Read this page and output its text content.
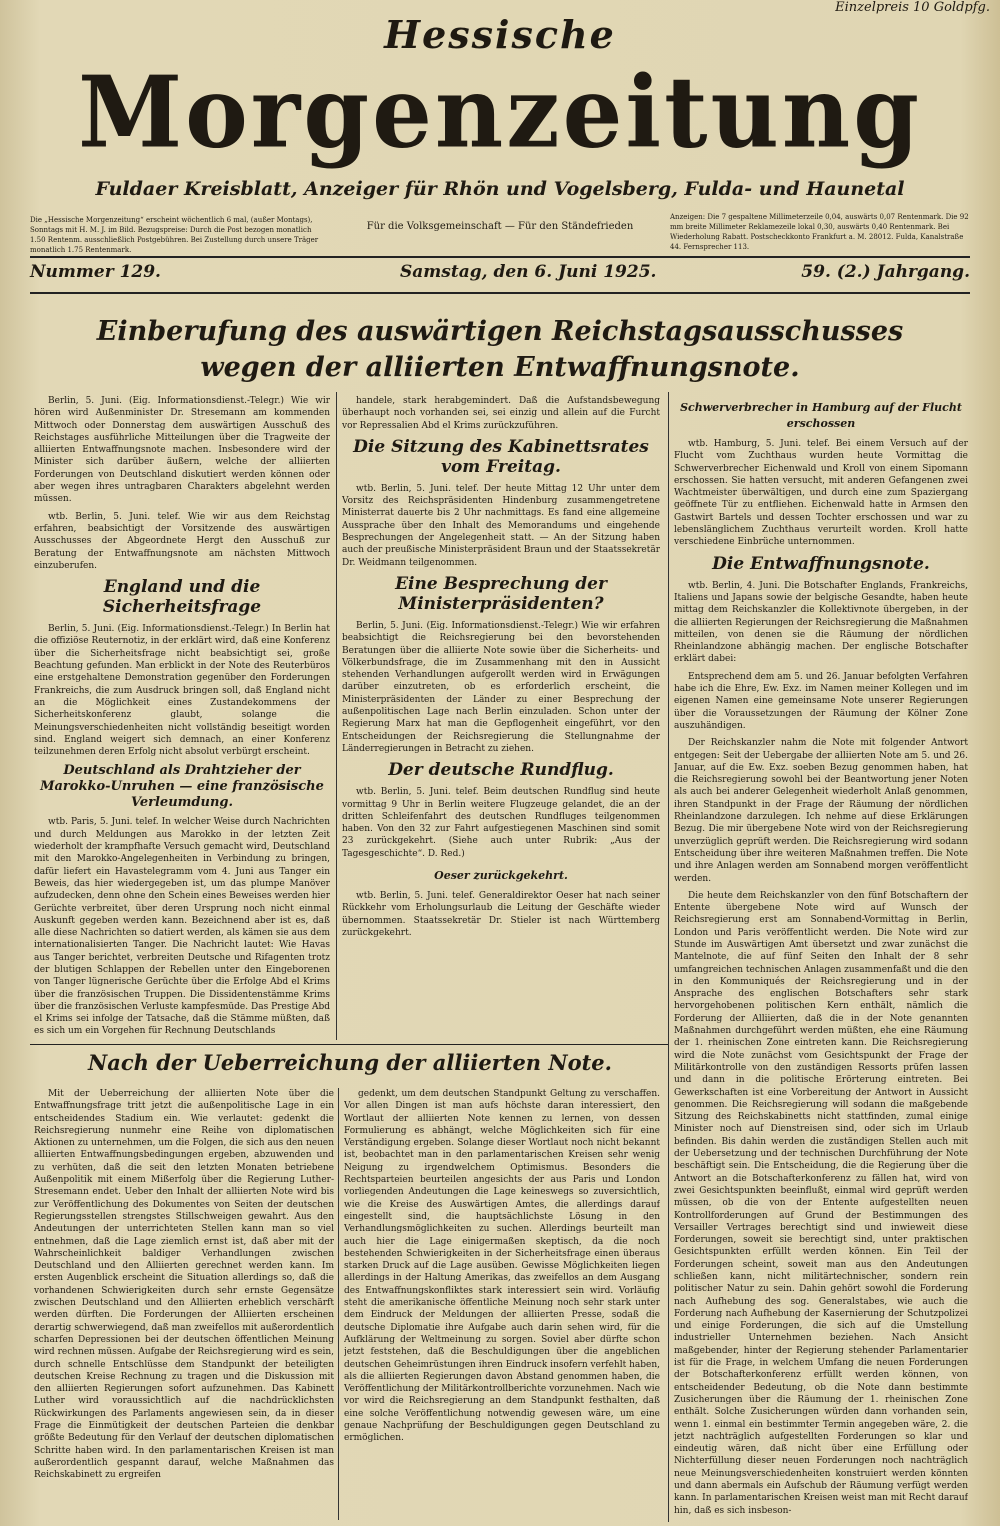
Einzelpreis 10 Goldpfg.
Hessische
Morgenzeitung
Fuldaer Kreisblatt, Anzeiger für Rhön und Vogelsberg, Fulda- und Haunetal
Die „Hessische Morgenzeitung“ erscheint wöchentlich 6 mal, (außer Montags), Sonntags mit H. M. J. im Bild. Bezugspreise: Durch die Post bezogen monatlich 1.50 Rentenm. ausschließlich Postgebühren. Bei Zustellung durch unsere Träger monatlich 1.75 Rentenmark.
Für die Volksgemeinschaft — Für den Ständefrieden
Anzeigen: Die 7 gespaltene Millimeterzeile 0,04, auswärts 0,07 Rentenmark. Die 92 mm breite Millimeter Reklamezeile lokal 0,30, auswärts 0,40 Rentenmark. Bei Wiederholung Rabatt. Postscheckkonto Frankfurt a. M. 28012. Fulda, Kanalstraße 44. Fernsprecher 113.
Nummer 129.	Samstag, den 6. Juni 1925.	59. (2.) Jahrgang.
Einberufung des auswärtigen Reichstagsausschusses wegen der alliierten Entwaffnungsnote.

Berlin, 5. Juni. (Eig. Informationsdienst.-Telegr.) Wie wir hören wird Außenminister Dr. Stresemann am kommenden Mittwoch oder Donnerstag dem auswärtigen Ausschuß des Reichstages ausführliche Mitteilungen über die Tragweite der alliierten Entwaffnungsnote machen. Insbesondere wird der Minister sich darüber äußern, welche der alliierten Forderungen von Deutschland diskutiert werden können oder aber wegen ihres untragbaren Charakters abgelehnt werden müssen.

wtb. Berlin, 5. Juni. telef. Wie wir aus dem Reichstag erfahren, beabsichtigt der Vorsitzende des auswärtigen Ausschusses der Abgeordnete Hergt den Ausschuß zur Beratung der Entwaffnungsnote am nächsten Mittwoch einzuberufen.

England und die Sicherheitsfrage

Berlin, 5. Juni. (Eig. Informationsdienst.-Telegr.) In Berlin hat die offiziöse Reuternotiz, in der erklärt wird, daß eine Konferenz über die Sicherheitsfrage nicht beabsichtigt sei, große Beachtung gefunden. Man erblickt in der Note des Reuterbüros eine erstgehaltene Demonstration gegenüber den Forderungen Frankreichs, die zum Ausdruck bringen soll, daß England nicht an die Möglichkeit eines Zustandekommens der Sicherheitskonferenz glaubt, solange die Meinungsverschiedenheiten nicht vollständig beseitigt worden sind. England weigert sich demnach, an einer Konferenz teilzunehmen deren Erfolg nicht absolut verbürgt erscheint.

Deutschland als Drahtzieher der Marokko-Unruhen — eine französische Verleumdung.

wtb. Paris, 5. Juni. telef. In welcher Weise durch Nachrichten und durch Meldungen aus Marokko in der letzten Zeit wiederholt der krampfhafte Versuch gemacht wird, Deutschland mit den Marokko-Angelegenheiten in Verbindung zu bringen, dafür liefert ein Havastelegramm vom 4. Juni aus Tanger ein Beweis, das hier wiedergegeben ist, um das plumpe Manöver aufzudecken, denn ohne den Schein eines Beweises werden hier Gerüchte verbreitet, über deren Ursprung noch nicht einmal Auskunft gegeben werden kann. Bezeichnend aber ist es, daß alle diese Nachrichten so datiert werden, als kämen sie aus dem internationalisierten Tanger. Die Nachricht lautet: Wie Havas aus Tanger berichtet, verbreiten Deutsche und Rifagenten trotz der blutigen Schlappen der Rebellen unter den Eingeborenen von Tanger lügnerische Gerüchte über die Erfolge Abd el Krims über die französischen Truppen. Die Dissidentenstämme Krims über die französischen Verluste kampfesmüde. Das Prestige Abd el Krims sei infolge der Tatsache, daß die Stämme müßten, daß es sich um ein Vorgehen für Rechnung Deutschlands

handele, stark herabgemindert. Daß die Aufstandsbewegung überhaupt noch vorhanden sei, sei einzig und allein auf die Furcht vor Repressalien Abd el Krims zurückzuführen.

Die Sitzung des Kabinettsrates vom Freitag.

wtb. Berlin, 5. Juni. telef. Der heute Mittag 12 Uhr unter dem Vorsitz des Reichspräsidenten Hindenburg zusammengetretene Ministerrat dauerte bis 2 Uhr nachmittags. Es fand eine allgemeine Aussprache über den Inhalt des Memorandums und eingehende Besprechungen der Angelegenheit statt. — An der Sitzung haben auch der preußische Ministerpräsident Braun und der Staatssekretär Dr. Weidmann teilgenommen.

Eine Besprechung der Ministerpräsidenten?

Berlin, 5. Juni. (Eig. Informationsdienst.-Telegr.) Wie wir erfahren beabsichtigt die Reichsregierung bei den bevorstehenden Beratungen über die alliierte Note sowie über die Sicherheits- und Völkerbundsfrage, die im Zusammenhang mit den in Aussicht stehenden Verhandlungen aufgerollt werden wird in Erwägungen darüber einzutreten, ob es erforderlich erscheint, die Ministerpräsidenten der Länder zu einer Besprechung der außenpolitischen Lage nach Berlin einzuladen. Schon unter der Regierung Marx hat man die Gepflogenheit eingeführt, vor den Entscheidungen der Reichsregierung die Stellungnahme der Länderregierungen in Betracht zu ziehen.

Der deutsche Rundflug.

wtb. Berlin, 5. Juni. telef. Beim deutschen Rundflug sind heute vormittag 9 Uhr in Berlin weitere Flugzeuge gelandet, die an der dritten Schleifenfahrt des deutschen Rundfluges teilgenommen haben. Von den 32 zur Fahrt aufgestiegenen Maschinen sind somit 23 zurückgekehrt. (Siehe auch unter Rubrik: „Aus der Tagesgeschichte“. D. Red.)

Oeser zurückgekehrt.

wtb. Berlin, 5. Juni. telef. Generaldirektor Oeser hat nach seiner Rückkehr vom Erholungsurlaub die Leitung der Geschäfte wieder übernommen. Staatssekretär Dr. Stieler ist nach Württemberg zurückgekehrt.

Schwerverbrecher in Hamburg auf der Flucht erschossen

wtb. Hamburg, 5. Juni. telef. Bei einem Versuch auf der Flucht vom Zuchthaus wurden heute Vormittag die Schwerverbrecher Eichenwald und Kroll von einem Sipomann erschossen. Sie hatten versucht, mit anderen Gefangenen zwei Wachtmeister überwältigen, und durch eine zum Spaziergang geöffnete Tür zu entfliehen. Eichenwald hatte in Armsen den Gastwirt Bartels und dessen Tochter erschossen und war zu lebenslänglichem Zuchthaus verurteilt worden. Kroll hatte verschiedene Einbrüche unternommen.

Die Entwaffnungsnote.

wtb. Berlin, 4. Juni. Die Botschafter Englands, Frankreichs, Italiens und Japans sowie der belgische Gesandte, haben heute mittag dem Reichskanzler die Kollektivnote übergeben, in der die alliierten Regierungen der Reichsregierung die Maßnahmen mitteilen, von denen sie die Räumung der nördlichen Rheinlandzone abhängig machen. Der englische Botschafter erklärt dabei:

Entsprechend dem am 5. und 26. Januar befolgten Verfahren habe ich die Ehre, Ew. Exz. im Namen meiner Kollegen und im eigenen Namen eine gemeinsame Note unserer Regierungen über die Voraussetzungen der Räumung der Kölner Zone auszuhändigen.

Der Reichskanzler nahm die Note mit folgender Antwort entgegen: Seit der Uebergabe der alliierten Note am 5. und 26. Januar, auf die Ew. Exz. soeben Bezug genommen haben, hat die Reichsregierung sowohl bei der Beantwortung jener Noten als auch bei anderer Gelegenheit wiederholt Anlaß genommen, ihren Standpunkt in der Frage der Räumung der nördlichen Rheinlandzone darzulegen. Ich nehme auf diese Erklärungen Bezug. Die mir übergebene Note wird von der Reichsregierung unverzüglich geprüft werden. Die Reichsregierung wird sodann Entscheidung über ihre weiteren Maßnahmen treffen. Die Note und ihre Anlagen werden am Sonnabend morgen veröffentlicht werden.

Die heute dem Reichskanzler von den fünf Botschaftern der Entente übergebene Note wird auf Wunsch der Reichsregierung erst am Sonnabend-Vormittag in Berlin, London und Paris veröffentlicht werden. Die Note wird zur Stunde im Auswärtigen Amt übersetzt und zwar zunächst die Mantelnote, die auf fünf Seiten den Inhalt der 8 sehr umfangreichen technischen Anlagen zusammenfaßt und die den in den Kommuniqués der Reichsregierung und in der Ansprache des englischen Botschafters sehr stark hervorgehobenen politischen Kern enthält, nämlich die Forderung der Alliierten, daß die in der Note genannten Maßnahmen durchgeführt werden müßten, ehe eine Räumung der 1. rheinischen Zone eintreten kann. Die Reichsregierung wird die Note zunächst vom Gesichtspunkt der Frage der Militärkontrolle von den zuständigen Ressorts prüfen lassen und dann in die politische Erörterung eintreten. Bei Gewerkschaften ist eine Vorbereitung der Antwort in Aussicht genommen. Die Reichsregierung will sodann die maßgebende Sitzung des Reichskabinetts nicht stattfinden, zumal einige Minister noch auf Dienstreisen sind, oder sich im Urlaub befinden. Bis dahin werden die zuständigen Stellen auch mit der Uebersetzung und der technischen Durchführung der Note beschäftigt sein. Die Entscheidung, die die Regierung über die Antwort an die Botschafterkonferenz zu fällen hat, wird von zwei Gesichtspunkten beeinflußt, einmal wird geprüft werden müssen, ob die von der Entente aufgestellten neuen Kontrollforderungen auf Grund der Bestimmungen des Versailler Vertrages berechtigt sind und inwieweit diese Forderungen, soweit sie berechtigt sind, unter praktischen Gesichtspunkten erfüllt werden können. Ein Teil der Forderungen scheint, soweit man aus den Andeutungen schließen kann, nicht militärtechnischer, sondern rein politischer Natur zu sein. Dahin gehört sowohl die Forderung nach Aufhebung des sog. Generalstabes, wie auch die Forderung nach Aufhebung der Kasernierung der Schutzpolizei und einige Forderungen, die sich auf die Umstellung industrieller Unternehmen beziehen. Nach Ansicht maßgebender, hinter der Regierung stehender Parlamentarier ist für die Frage, in welchem Umfang die neuen Forderungen der Botschafterkonferenz erfüllt werden können, von entscheidender Bedeutung, ob die Note dann bestimmte Zusicherungen über die Räumung der 1. rheinischen Zone enthält. Solche Zusicherungen würden dann vorhanden sein, wenn 1. einmal ein bestimmter Termin angegeben wäre, 2. die jetzt nachträglich aufgestellten Forderungen so klar und eindeutig wären, daß nicht über eine Erfüllung oder Nichterfüllung dieser neuen Forderungen noch nachträglich neue Meinungsverschiedenheiten konstruiert werden könnten und dann abermals ein Aufschub der Räumung verfügt werden kann. In parlamentarischen Kreisen weist man mit Recht darauf hin, daß es sich insbeson-

Nach der Ueberreichung der alliierten Note.

Mit der Ueberreichung der alliierten Note über die Entwaffnungsfrage tritt jetzt die außenpolitische Lage in ein entscheidendes Stadium ein. Wie verlautet: gedenkt die Reichsregierung nunmehr eine Reihe von diplomatischen Aktionen zu unternehmen, um die Folgen, die sich aus den neuen alliierten Entwaffnungsbedingungen ergeben, abzuwenden und zu verhüten, daß die seit den letzten Monaten betriebene Außenpolitik mit einem Mißerfolg über die Regierung Luther-Stresemann endet. Ueber den Inhalt der alliierten Note wird bis zur Veröffentlichung des Dokumentes von Seiten der deutschen Regierungsstellen strengstes Stillschweigen gewahrt. Aus den Andeutungen der unterrichteten Stellen kann man so viel entnehmen, daß die Lage ziemlich ernst ist, daß aber mit der Wahrscheinlichkeit baldiger Verhandlungen zwischen Deutschland und den Alliierten gerechnet werden kann. Im ersten Augenblick erscheint die Situation allerdings so, daß die vorhandenen Schwierigkeiten durch sehr ernste Gegensätze zwischen Deutschland und den Alliierten erheblich verschärft werden dürften. Die Forderungen der Alliierten erscheinen derartig schwerwiegend, daß man zweifellos mit außerordentlich scharfen Depressionen bei der deutschen öffentlichen Meinung wird rechnen müssen. Aufgabe der Reichsregierung wird es sein, durch schnelle Entschlüsse dem Standpunkt der beteiligten deutschen Kreise Rechnung zu tragen und die Diskussion mit den alliierten Regierungen sofort aufzunehmen. Das Kabinett Luther wird voraussichtlich auf die nachdrücklichsten Rückwirkungen des Parlaments angewiesen sein, da in dieser Frage die Einmütigkeit der deutschen Parteien die denkbar größte Bedeutung für den Verlauf der deutschen diplomatischen Schritte haben wird. In den parlamentarischen Kreisen ist man außerordentlich gespannt darauf, welche Maßnahmen das Reichskabinett zu ergreifen

gedenkt, um dem deutschen Standpunkt Geltung zu verschaffen. Vor allen Dingen ist man aufs höchste daran interessiert, den Wortlaut der alliierten Note kennen zu lernen, von dessen Formulierung es abhängt, welche Möglichkeiten sich für eine Verständigung ergeben. Solange dieser Wortlaut noch nicht bekannt ist, beobachtet man in den parlamentarischen Kreisen sehr wenig Neigung zu irgendwelchem Optimismus. Besonders die Rechtsparteien beurteilen angesichts der aus Paris und London vorliegenden Andeutungen die Lage keineswegs so zuversichtlich, wie die Kreise des Auswärtigen Amtes, die allerdings darauf eingestellt sind, die hauptsächlichste Lösung in den Verhandlungsmöglichkeiten zu suchen. Allerdings beurteilt man auch hier die Lage einigermaßen skeptisch, da die noch bestehenden Schwierigkeiten in der Sicherheitsfrage einen überaus starken Druck auf die Lage ausüben. Gewisse Möglichkeiten liegen allerdings in der Haltung Amerikas, das zweifellos an dem Ausgang des Entwaffnungskonfliktes stark interessiert sein wird. Vorläufig steht die amerikanische öffentliche Meinung noch sehr stark unter dem Eindruck der Meldungen der alliierten Presse, sodaß die deutsche Diplomatie ihre Aufgabe auch darin sehen wird, für die Aufklärung der Weltmeinung zu sorgen. Soviel aber dürfte schon jetzt feststehen, daß die Beschuldigungen über die angeblichen deutschen Geheimrüstungen ihren Eindruck insofern verfehlt haben, als die alliierten Regierungen davon Abstand genommen haben, die Veröffentlichung der Militärkontrollberichte vorzunehmen. Nach wie vor wird die Reichsregierung an dem Standpunkt festhalten, daß eine solche Veröffentlichung notwendig gewesen wäre, um eine genaue Nachprüfung der Beschuldigungen gegen Deutschland zu ermöglichen.
